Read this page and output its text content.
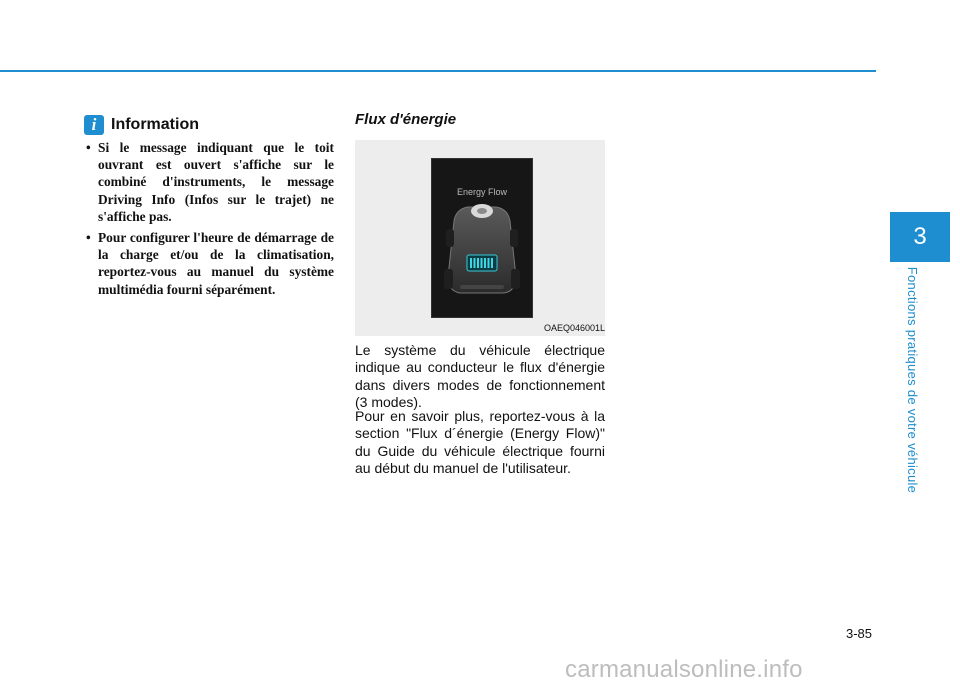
3
Fonctions pratiques de votre véhicule
i Information
• Si le message indiquant que le toit ouvrant est ouvert s'affiche sur le combiné d'instruments, le message Driving Info (Infos sur le trajet) ne s'affiche pas.
• Pour configurer l'heure de démarrage de la charge et/ou de la climatisation, reportez-vous au manuel du système multimédia fourni séparément.
Flux d'énergie
Energy Flow
OAEQ046001L

Le système du véhicule électrique indique au conducteur le flux d'énergie dans divers modes de fonctionnement (3 modes).

Pour en savoir plus, reportez-vous à la section "Flux d´énergie (Energy Flow)" du Guide du véhicule électrique fourni au début du manuel de l'utilisateur.

3-85
carmanualsonline.info
